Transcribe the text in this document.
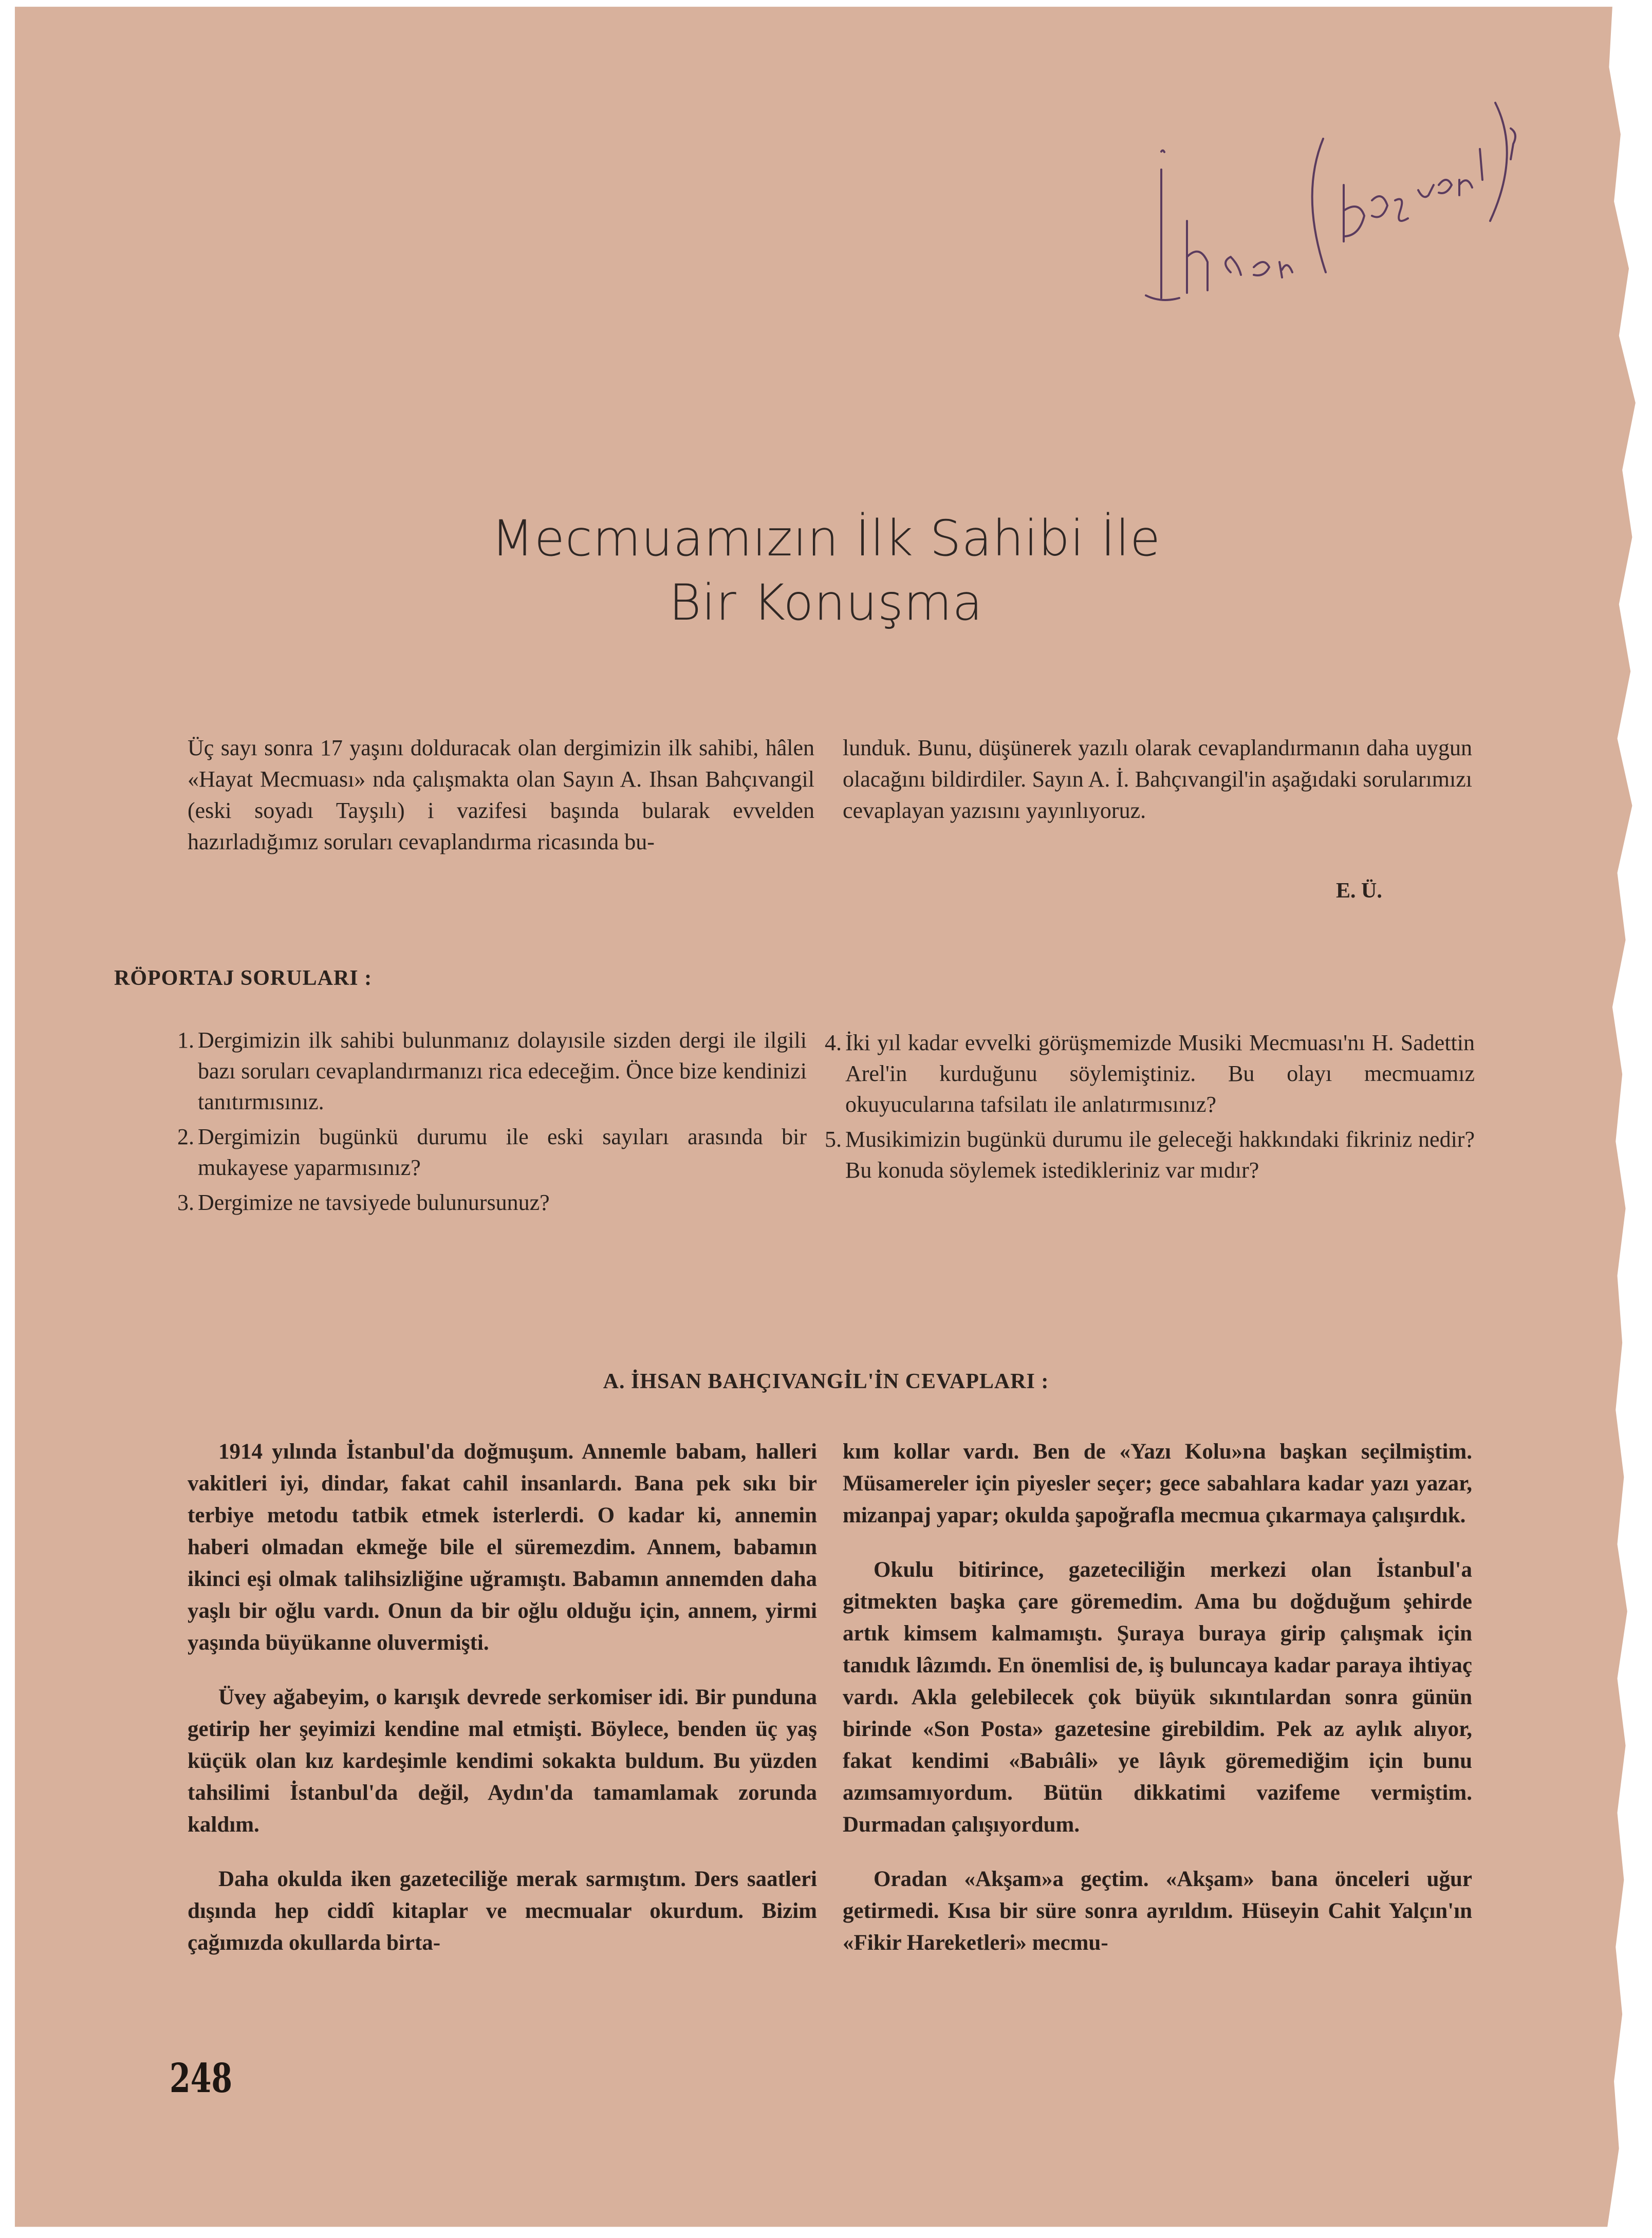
İhsan (Bahçıvangil) ?
Mecmuamızın İlk Sahibi İle
Bir Konuşma
Üç sayı sonra 17 yaşını dolduracak olan dergimizin ilk sahibi, hâlen «Hayat Mecmuası» nda çalışmakta olan Sayın A. Ihsan Bahçıvangil (eski soyadı Tayşılı) i vazifesi başında bularak evvelden hazırladığımız soruları cevaplandırma ricasında bu-
lunduk. Bunu, düşünerek yazılı olarak cevaplandırmanın daha uygun olacağını bildirdiler. Sayın A. İ. Bahçıvangil'in aşağıdaki sorularımızı cevaplayan yazısını yayınlıyoruz.
E. Ü.
RÖPORTAJ SORULARI :
1. Dergimizin ilk sahibi bulunmanız dolayısile sizden dergi ile ilgili bazı soruları cevaplandırmanızı rica edeceğim. Önce bize kendinizi tanıtırmısınız.
2. Dergimizin bugünkü durumu ile eski sayıları arasında bir mukayese yaparmısınız?
3. Dergimize ne tavsiyede bulunursunuz?
4. İki yıl kadar evvelki görüşmemizde Musiki Mecmuası'nı H. Sadettin Arel'in kurduğunu söylemiştiniz. Bu olayı mecmuamız okuyucularına tafsilatı ile anlatırmısınız?
5. Musikimizin bugünkü durumu ile geleceği hakkındaki fikriniz nedir? Bu konuda söylemek istedikleriniz var mıdır?
A. İHSAN BAHÇIVANGİL'İN CEVAPLARI :

1914 yılında İstanbul'da doğmuşum. Annemle babam, halleri vakitleri iyi, dindar, fakat cahil insanlardı. Bana pek sıkı bir terbiye metodu tatbik etmek isterlerdi. O kadar ki, annemin haberi olmadan ekmeğe bile el süremezdim. Annem, babamın ikinci eşi olmak talihsizliğine uğramıştı. Babamın annemden daha yaşlı bir oğlu vardı. Onun da bir oğlu olduğu için, annem, yirmi yaşında büyükanne oluvermişti.

Üvey ağabeyim, o karışık devrede serkomiser idi. Bir punduna getirip her şeyimizi kendine mal etmişti. Böylece, benden üç yaş küçük olan kız kardeşimle kendimi sokakta buldum. Bu yüzden tahsilimi İstanbul'da değil, Aydın'da tamamlamak zorunda kaldım.

Daha okulda iken gazeteciliğe merak sarmıştım. Ders saatleri dışında hep ciddî kitaplar ve mecmualar okurdum. Bizim çağımızda okullarda birta-

kım kollar vardı. Ben de «Yazı Kolu»na başkan seçilmiştim. Müsamereler için piyesler seçer; gece sabahlara kadar yazı yazar, mizanpaj yapar; okulda şapoğrafla mecmua çıkarmaya çalışırdık.

Okulu bitirince, gazeteciliğin merkezi olan İstanbul'a gitmekten başka çare göremedim. Ama bu doğduğum şehirde artık kimsem kalmamıştı. Şuraya buraya girip çalışmak için tanıdık lâzımdı. En önemlisi de, iş buluncaya kadar paraya ihtiyaç vardı. Akla gelebilecek çok büyük sıkıntılardan sonra günün birinde «Son Posta» gazetesine girebildim. Pek az aylık alıyor, fakat kendimi «Babıâli» ye lâyık göremediğim için bunu azımsamıyordum. Bütün dikkatimi vazifeme vermiştim. Durmadan çalışıyordum.

Oradan «Akşam»a geçtim. «Akşam» bana önceleri uğur getirmedi. Kısa bir süre sonra ayrıldım. Hüseyin Cahit Yalçın'ın «Fikir Hareketleri» mecmu-

248
